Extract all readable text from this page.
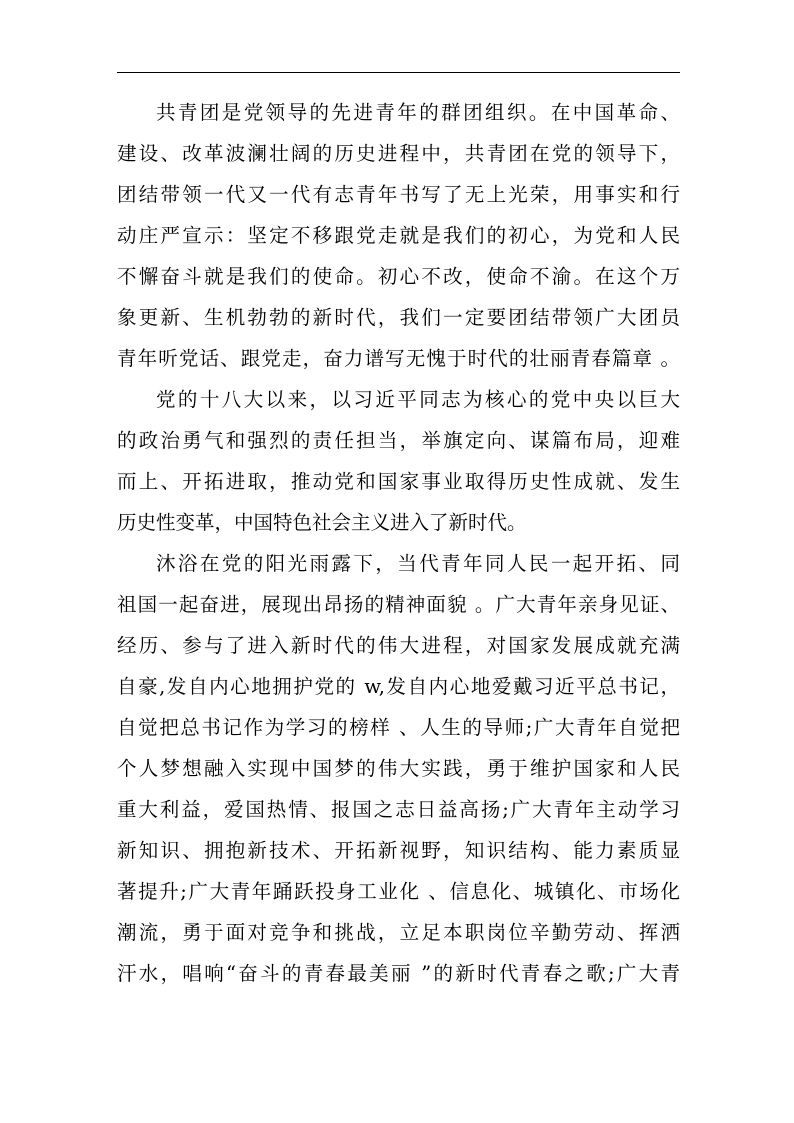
共青团是党领导的先进青年的群团组织。在中国革命、
建设、改革波澜壮阔的历史进程中，共青团在党的领导下，
团结带领一代又一代有志青年书写了无上光荣，用事实和行
动庄严宣示：坚定不移跟党走就是我们的初心，为党和人民
不懈奋斗就是我们的使命。初心不改，使命不渝。在这个万
象更新、生机勃勃的新时代，我们一定要团结带领广大团员
青年听党话、跟党走，奋力谱写无愧于时代的壮丽青春篇章 。
党的十八大以来，以习近平同志为核心的党中央以巨大
的政治勇气和强烈的责任担当，举旗定向、谋篇布局，迎难
而上、开拓进取，推动党和国家事业取得历史性成就、发生
历史性变革，中国特色社会主义进入了新时代。
沐浴在党的阳光雨露下，当代青年同人民一起开拓、同
祖国一起奋进，展现出昂扬的精神面貌 。广大青年亲身见证、
经历、参与了进入新时代的伟大进程，对国家发展成就充满
自豪,发自内心地拥护党的 w,发自内心地爱戴习近平总书记，
自觉把总书记作为学习的榜样 、人生的导师;广大青年自觉把
个人梦想融入实现中国梦的伟大实践，勇于维护国家和人民
重大利益，爱国热情、报国之志日益高扬;广大青年主动学习
新知识、拥抱新技术、开拓新视野，知识结构、能力素质显
著提升;广大青年踊跃投身工业化 、信息化、城镇化、市场化
潮流，勇于面对竞争和挑战，立足本职岗位辛勤劳动、挥洒
汗水，唱响“奋斗的青春最美丽 ”的新时代青春之歌;广大青
